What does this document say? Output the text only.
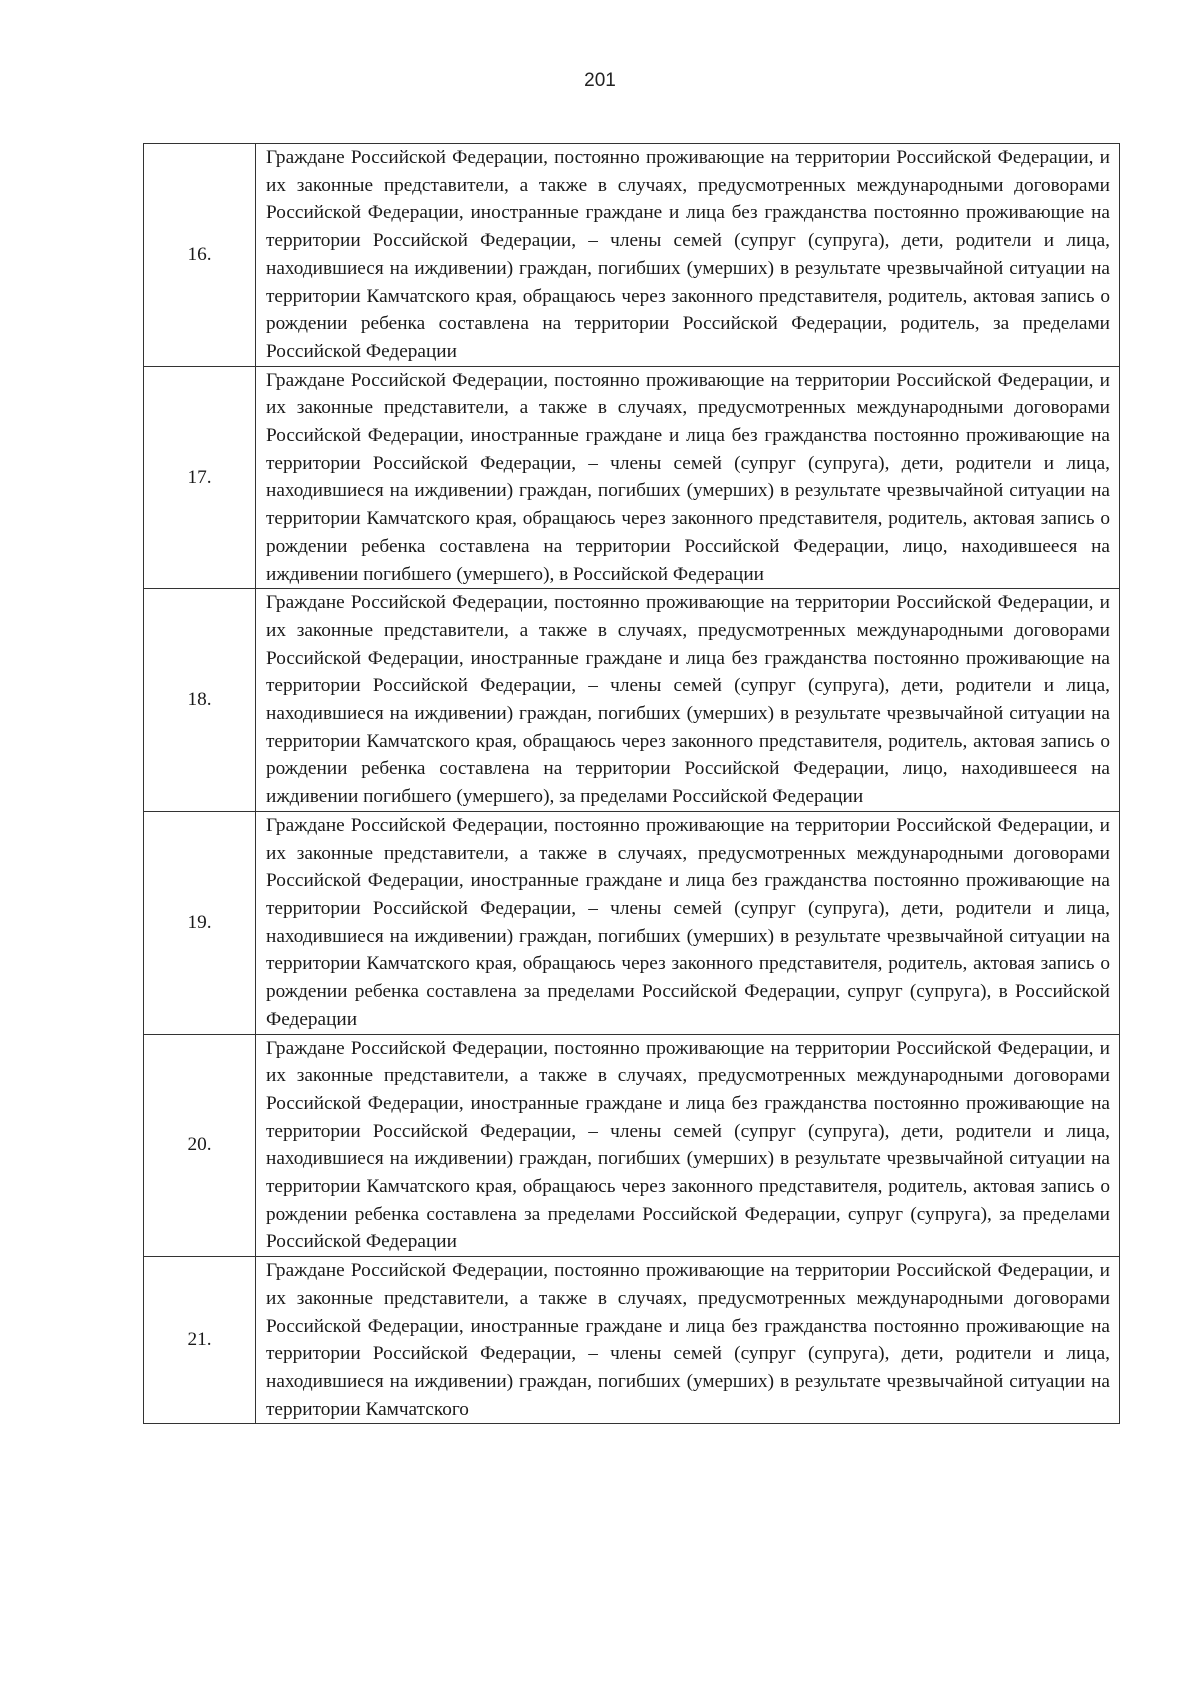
201
16.	Граждане Российской Федерации, постоянно проживающие на территории Российской Федерации, и их законные представители, а также в случаях, предусмотренных международными договорами Российской Федерации, иностранные граждане и лица без гражданства постоянно проживающие на территории Российской Федерации, – члены семей (супруг (супруга), дети, родители и лица, находившиеся на иждивении) граждан, погибших (умерших) в результате чрезвычайной ситуации на территории Камчатского края, обращаюсь через законного представителя, родитель, актовая запись о рождении ребенка составлена на территории Российской Федерации, родитель, за пределами Российской Федерации
17.	Граждане Российской Федерации, постоянно проживающие на территории Российской Федерации, и их законные представители, а также в случаях, предусмотренных международными договорами Российской Федерации, иностранные граждане и лица без гражданства постоянно проживающие на территории Российской Федерации, – члены семей (супруг (супруга), дети, родители и лица, находившиеся на иждивении) граждан, погибших (умерших) в результате чрезвычайной ситуации на территории Камчатского края, обращаюсь через законного представителя, родитель, актовая запись о рождении ребенка составлена на территории Российской Федерации, лицо, находившееся на иждивении погибшего (умершего), в Российской Федерации
18.	Граждане Российской Федерации, постоянно проживающие на территории Российской Федерации, и их законные представители, а также в случаях, предусмотренных международными договорами Российской Федерации, иностранные граждане и лица без гражданства постоянно проживающие на территории Российской Федерации, – члены семей (супруг (супруга), дети, родители и лица, находившиеся на иждивении) граждан, погибших (умерших) в результате чрезвычайной ситуации на территории Камчатского края, обращаюсь через законного представителя, родитель, актовая запись о рождении ребенка составлена на территории Российской Федерации, лицо, находившееся на иждивении погибшего (умершего), за пределами Российской Федерации
19.	Граждане Российской Федерации, постоянно проживающие на территории Российской Федерации, и их законные представители, а также в случаях, предусмотренных международными договорами Российской Федерации, иностранные граждане и лица без гражданства постоянно проживающие на территории Российской Федерации, – члены семей (супруг (супруга), дети, родители и лица, находившиеся на иждивении) граждан, погибших (умерших) в результате чрезвычайной ситуации на территории Камчатского края, обращаюсь через законного представителя, родитель, актовая запись о рождении ребенка составлена за пределами Российской Федерации, супруг (супруга), в Российской Федерации
20.	Граждане Российской Федерации, постоянно проживающие на территории Российской Федерации, и их законные представители, а также в случаях, предусмотренных международными договорами Российской Федерации, иностранные граждане и лица без гражданства постоянно проживающие на территории Российской Федерации, – члены семей (супруг (супруга), дети, родители и лица, находившиеся на иждивении) граждан, погибших (умерших) в результате чрезвычайной ситуации на территории Камчатского края, обращаюсь через законного представителя, родитель, актовая запись о рождении ребенка составлена за пределами Российской Федерации, супруг (супруга), за пределами Российской Федерации
21.	Граждане Российской Федерации, постоянно проживающие на территории Российской Федерации, и их законные представители, а также в случаях, предусмотренных международными договорами Российской Федерации, иностранные граждане и лица без гражданства постоянно проживающие на территории Российской Федерации, – члены семей (супруг (супруга), дети, родители и лица, находившиеся на иждивении) граждан, погибших (умерших) в результате чрезвычайной ситуации на территории Камчатского
